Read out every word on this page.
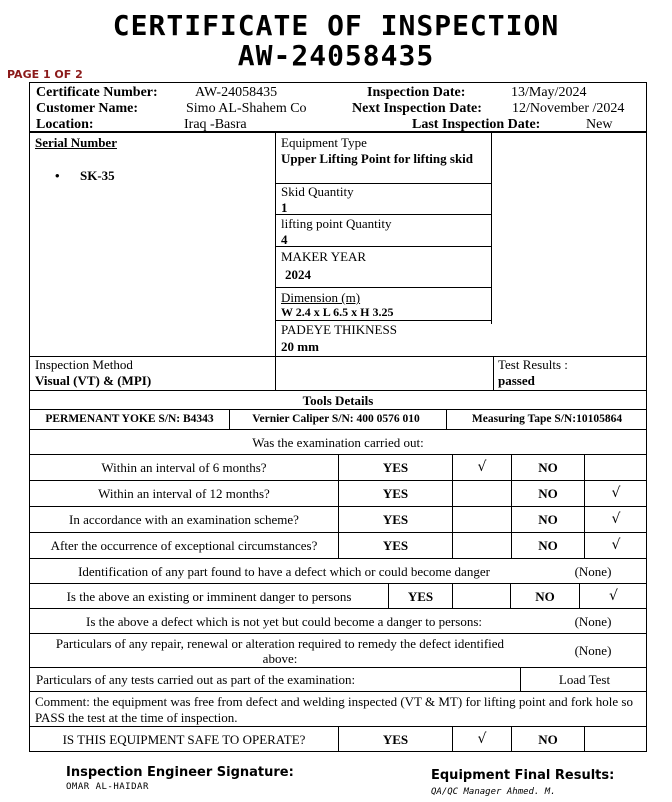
CERTIFICATE OF INSPECTION
AW-24058435
PAGE 1 OF 2
Certificate Number:	AW-24058435	Inspection Date:	13/May/2024
Customer Name:	Simo AL-Shahem Co	Next Inspection Date: 12/November /2024
Location:	Iraq -Basra	Last Inspection Date:	New
Serial Number
• SK-35
Equipment Type
Upper Lifting Point for lifting skid
Skid Quantity
1
lifting point Quantity
4
MAKER YEAR
2024
Dimension (m)
W 2.4 x L 6.5 x H 3.25
PADEYE THIKNESS
20 mm
Inspection Method
Visual (VT) & (MPI)
Test Results :
passed
Tools Details
PERMENANT YOKE S/N: B4343	Vernier Caliper S/N: 400 0576 010	Measuring Tape S/N:10105864
Was the examination carried out:
Within an interval of 6 months?	YES	√	NO
Within an interval of 12 months?	YES	NO	√
In accordance with an examination scheme?	YES	NO	√
After the occurrence of exceptional circumstances?	YES	NO	√
Identification of any part found to have a defect which or could become danger	(None)
Is the above an existing or imminent danger to persons	YES	NO	√
Is the above a defect which is not yet but could become a danger to persons:	(None)
Particulars of any repair, renewal or alteration required to remedy the defect identified above:	(None)
Particulars of any tests carried out as part of the examination:	Load Test
Comment: the equipment was free from defect and welding inspected (VT & MT) for lifting point and fork hole so PASS the test at the time of inspection.
IS THIS EQUIPMENT SAFE TO OPERATE?	YES	√	NO
Inspection Engineer Signature:
OMAR AL-HAIDAR
Equipment Final Results:
QA/QC Manager Ahmed. M.
